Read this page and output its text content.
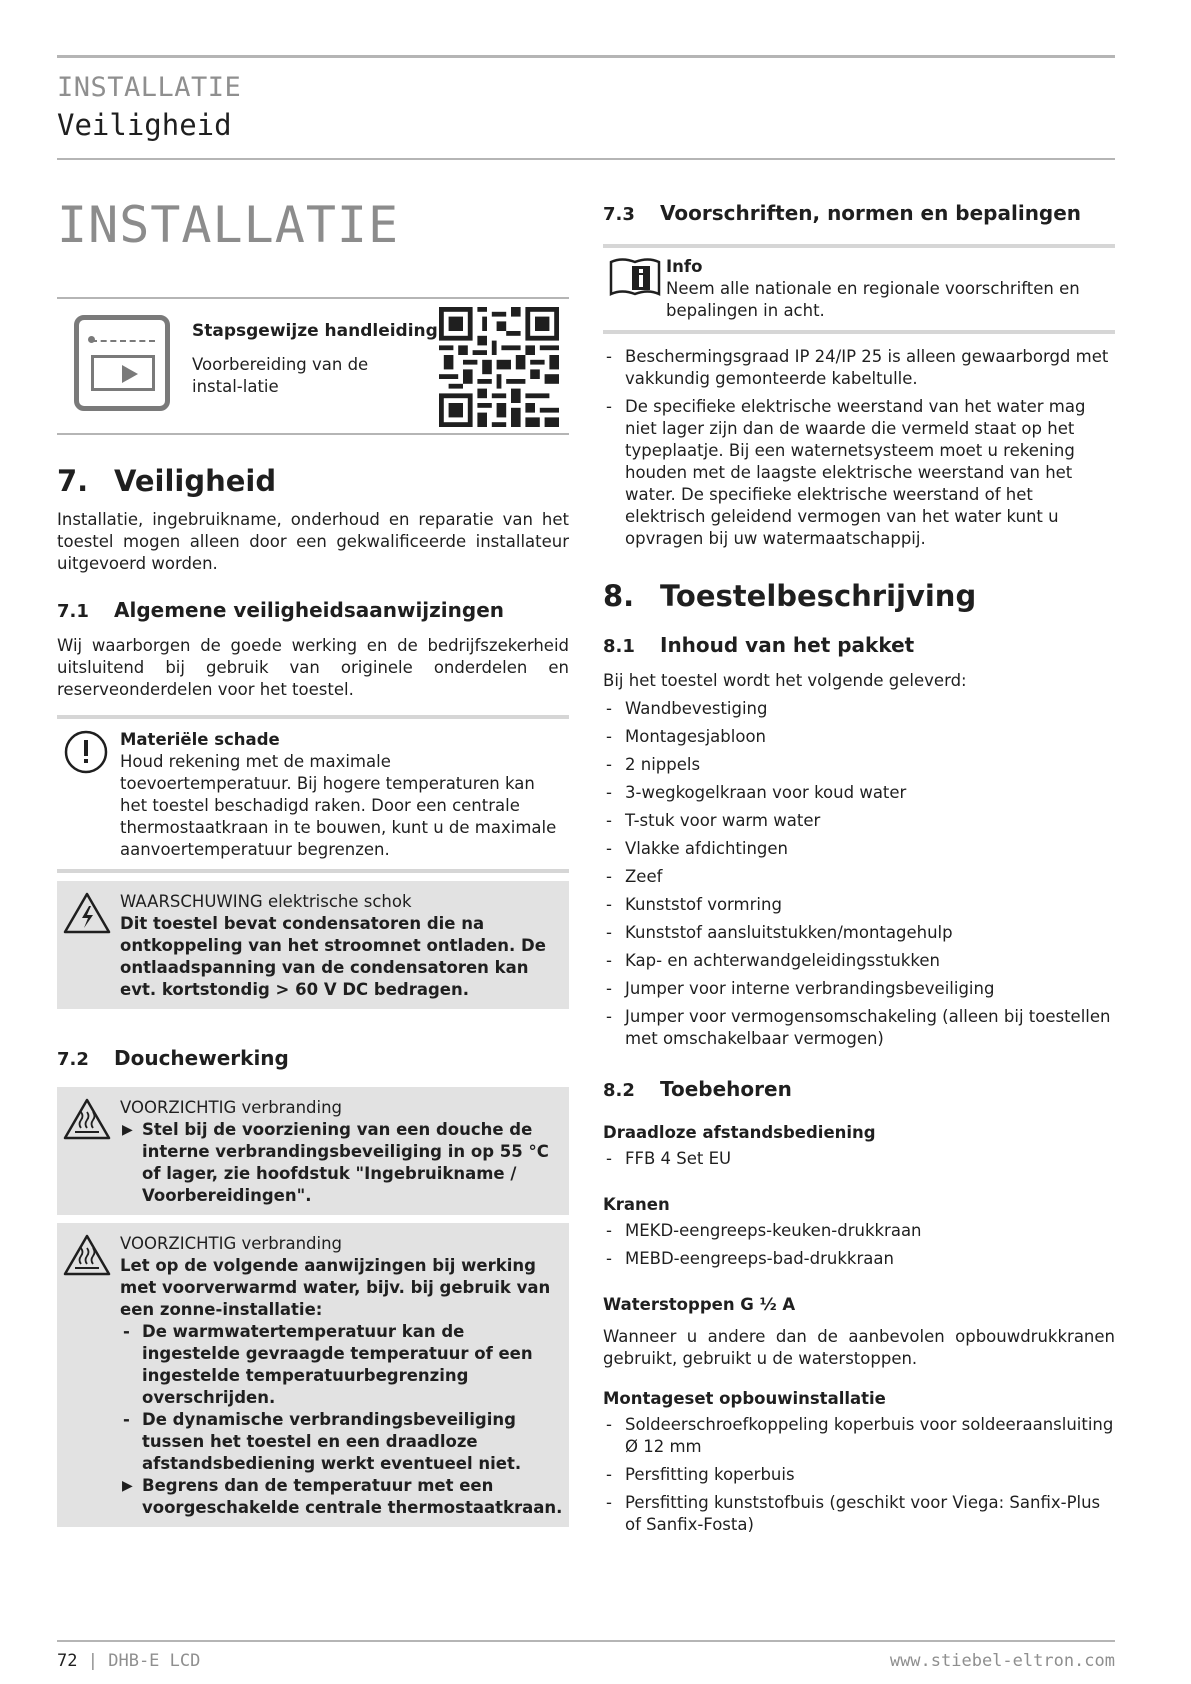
INSTALLATIE
Veiligheid
INSTALLATIE
Stapsgewijze handleiding
Voorbereiding van de instal-latie
7. Veiligheid

Installatie, ingebruikname, onderhoud en reparatie van het toestel mogen alleen door een gekwalificeerde installateur uitgevoerd worden.

7.1 Algemene veiligheidsaanwijzingen

Wij waarborgen de goede werking en de bedrijfszekerheid uitsluitend bij gebruik van originele onderdelen en reserveonderdelen voor het toestel.

Materiële schade
Houd rekening met de maximale toevoertemperatuur. Bij hogere temperaturen kan het toestel beschadigd raken. Door een centrale thermostaatkraan in te bouwen, kunt u de maximale aanvoertemperatuur begrenzen.
WAARSCHUWING elektrische schok
Dit toestel bevat condensatoren die na ontkoppeling van het stroomnet ontladen. De ontlaadspanning van de condensatoren kan evt. kortstondig > 60 V DC bedragen.
7.2 Douchewerking
VOORZICHTIG verbranding
▶ Stel bij de voorziening van een douche de interne verbrandingsbeveiliging in op 55 °C of lager, zie hoofdstuk "Ingebruikname / Voorbereidingen".
VOORZICHTIG verbranding
Let op de volgende aanwijzingen bij werking met voorverwarmd water, bijv. bij gebruik van een zonne-installatie:
- De warmwatertemperatuur kan de ingestelde gevraagde temperatuur of een ingestelde temperatuurbegrenzing overschrijden.
- De dynamische verbrandingsbeveiliging tussen het toestel en een draadloze afstandsbediening werkt eventueel niet.
▶ Begrens dan de temperatuur met een voorgeschakelde centrale thermostaatkraan.
7.3 Voorschriften, normen en bepalingen
Info
Neem alle nationale en regionale voorschriften en bepalingen in acht.
- Beschermingsgraad IP 24/IP 25 is alleen gewaarborgd met vakkundig gemonteerde kabeltulle.
- De specifieke elektrische weerstand van het water mag niet lager zijn dan de waarde die vermeld staat op het typeplaatje. Bij een waternetsysteem moet u rekening houden met de laagste elektrische weerstand van het water. De specifieke elektrische weerstand of het elektrisch geleidend vermogen van het water kunt u opvragen bij uw watermaatschappij.
8. Toestelbeschrijving
8.1 Inhoud van het pakket

Bij het toestel wordt het volgende geleverd:

- Wandbevestiging
- Montagesjabloon
- 2 nippels
- 3-wegkogelkraan voor koud water
- T-stuk voor warm water
- Vlakke afdichtingen
- Zeef
- Kunststof vormring
- Kunststof aansluitstukken/montagehulp
- Kap- en achterwandgeleidingsstukken
- Jumper voor interne verbrandingsbeveiliging
- Jumper voor vermogensomschakeling (alleen bij toestellen met omschakelbaar vermogen)
8.2 Toebehoren
Draadloze afstandsbediening
- FFB 4 Set EU
Kranen
- MEKD-eengreeps-keuken-drukkraan
- MEBD-eengreeps-bad-drukkraan
Waterstoppen G ½ A

Wanneer u andere dan de aanbevolen opbouwdrukkranen gebruikt, gebruikt u de waterstoppen.

Montageset opbouwinstallatie
- Soldeerschroefkoppeling koperbuis voor soldeeraansluiting Ø 12 mm
- Persfitting koperbuis
- Persfitting kunststofbuis (geschikt voor Viega: Sanfix-Plus of Sanfix-Fosta)
72 | DHB-E LCD	www.stiebel-eltron.com
